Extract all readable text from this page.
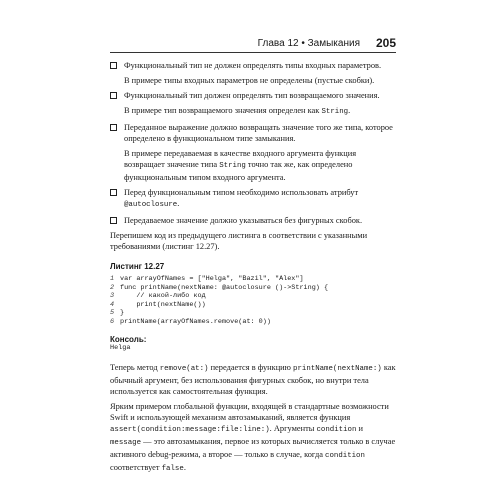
Глава 12 • Замыкания 205
Функциональный тип не должен определять типы входных параметров.
В примере типы входных параметров не определены (пустые скобки).
Функциональный тип должен определять тип возвращаемого значения.
В примере тип возвращаемого значения определен как String.
Переданное выражение должно возвращать значение того же типа, которое определено в функциональном типе замыкания.
В примере передаваемая в качестве входного аргумента функция возвращает значение типа String точно так же, как определено функциональным типом входного аргумента.
Перед функциональным типом необходимо использовать атрибут @autoclosure.
Передаваемое значение должно указываться без фигурных скобок.

Перепишем код из предыдущего листинга в соответствии с указанными требованиями (листинг 12.27).

Листинг 12.27
1 var arrayOfNames = ["Helga", "Bazil", "Alex"]
2 func printName(nextName: @autoclosure ()->String) {
3    // какой-либо код
4    print(nextName())
5 }
6 printName(arrayOfNames.remove(at: 0))
Консоль:
Helga

Теперь метод remove(at:) передается в функцию printName(nextName:) как обычный аргумент, без использования фигурных скобок, но внутри тела используется как самостоятельная функция.

Ярким примером глобальной функции, входящей в стандартные возможности Swift и использующей механизм автозамыканий, является функция assert(condition:message:file:line:). Аргументы condition и message — это автозамыкания, первое из которых вычисляется только в случае активного debug-режима, а второе — только в случае, когда condition соответствует false.
